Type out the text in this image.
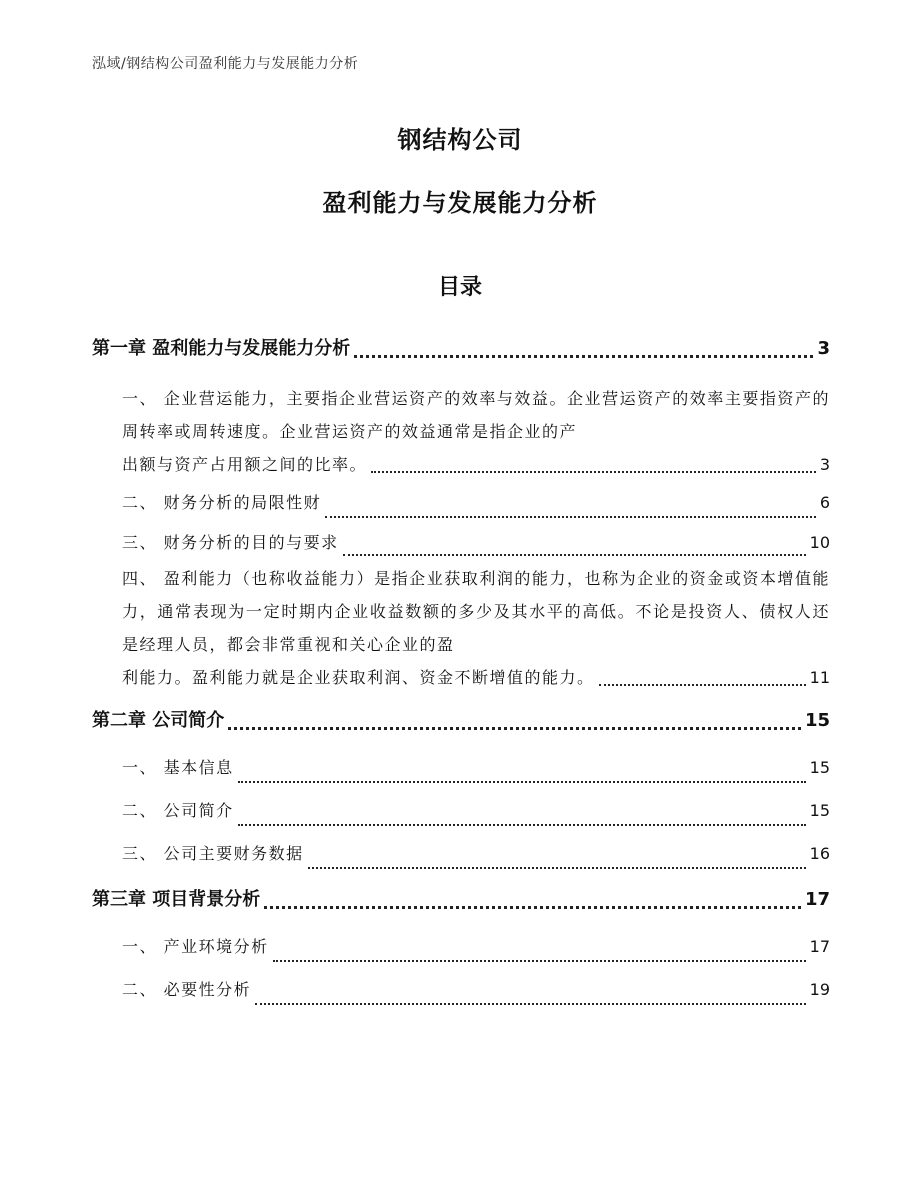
泓域/钢结构公司盈利能力与发展能力分析
钢结构公司
盈利能力与发展能力分析
目录
第一章 盈利能力与发展能力分析	3
一、 企业营运能力，主要指企业营运资产的效率与效益。企业营运资产的效率主要指资产的周转率或周转速度。企业营运资产的效益通常是指企业的产
出额与资产占用额之间的比率。	3
二、 财务分析的局限性财	6
三、 财务分析的目的与要求	10
四、 盈利能力（也称收益能力）是指企业获取利润的能力，也称为企业的资金或资本增值能力，通常表现为一定时期内企业收益数额的多少及其水平的高低。不论是投资人、债权人还是经理人员，都会非常重视和关心企业的盈
利能力。盈利能力就是企业获取利润、资金不断增值的能力。	11
第二章 公司简介	15
一、 基本信息	15
二、 公司简介	15
三、 公司主要财务数据	16
第三章 项目背景分析	17
一、 产业环境分析	17
二、 必要性分析	19
